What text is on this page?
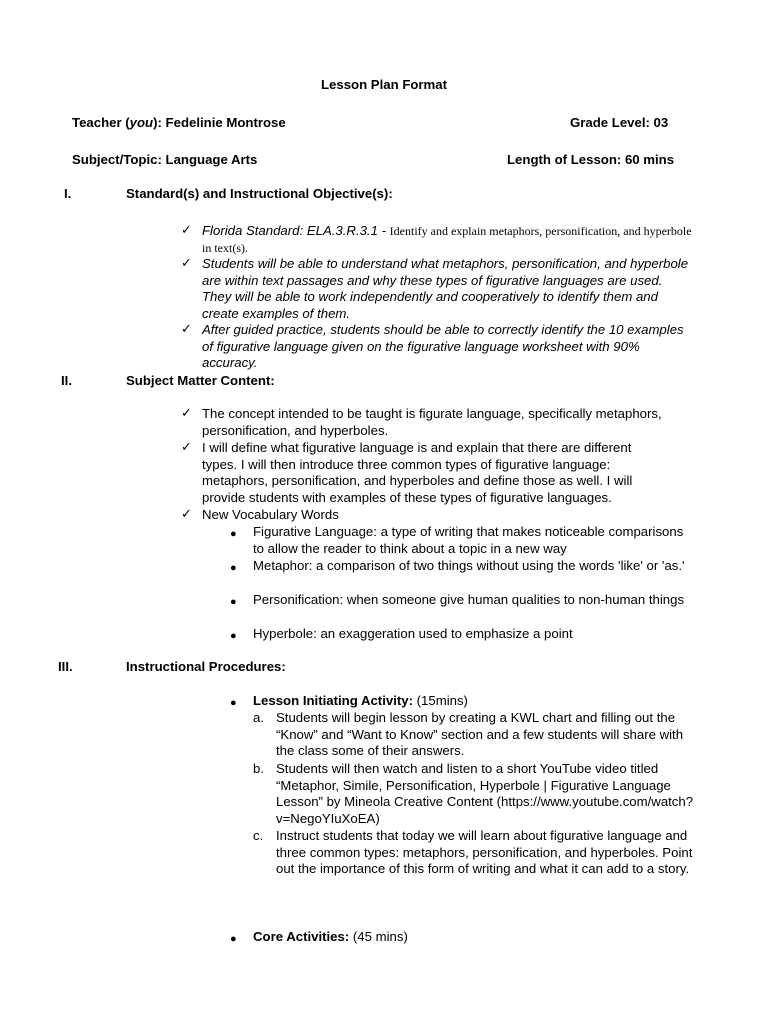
Lesson Plan Format
Teacher (you): Fedelinie Montrose	Grade Level: 03
Subject/Topic: Language Arts	Length of Lesson: 60 mins
I.	Standard(s) and Instructional Objective(s):
✓ Florida Standard: ELA.3.R.3.1 - Identify and explain metaphors, personification, and hyperbole in text(s).
✓ Students will be able to understand what metaphors, personification, and hyperbole are within text passages and why these types of figurative languages are used. They will be able to work independently and cooperatively to identify them and create examples of them.
✓ After guided practice, students should be able to correctly identify the 10 examples of figurative language given on the figurative language worksheet with 90% accuracy.
II.	Subject Matter Content:
✓ The concept intended to be taught is figurate language, specifically metaphors, personification, and hyperboles.
✓ I will define what figurative language is and explain that there are different types. I will then introduce three common types of figurative language: metaphors, personification, and hyperboles and define those as well. I will provide students with examples of these types of figurative languages.
✓ New Vocabulary Words
● Figurative Language: a type of writing that makes noticeable comparisons to allow the reader to think about a topic in a new way
● Metaphor: a comparison of two things without using the words 'like' or 'as.'
● Personification: when someone give human qualities to non-human things
● Hyperbole: an exaggeration used to emphasize a point
III.	Instructional Procedures:
● Lesson Initiating Activity: (15mins)
a. Students will begin lesson by creating a KWL chart and filling out the “Know” and “Want to Know” section and a few students will share with the class some of their answers.
b. Students will then watch and listen to a short YouTube video titled “Metaphor, Simile, Personification, Hyperbole | Figurative Language Lesson” by Mineola Creative Content (https://www.youtube.com/watch?v=NegoYIuXoEA)
c. Instruct students that today we will learn about figurative language and three common types: metaphors, personification, and hyperboles. Point out the importance of this form of writing and what it can add to a story.
● Core Activities: (45 mins)
